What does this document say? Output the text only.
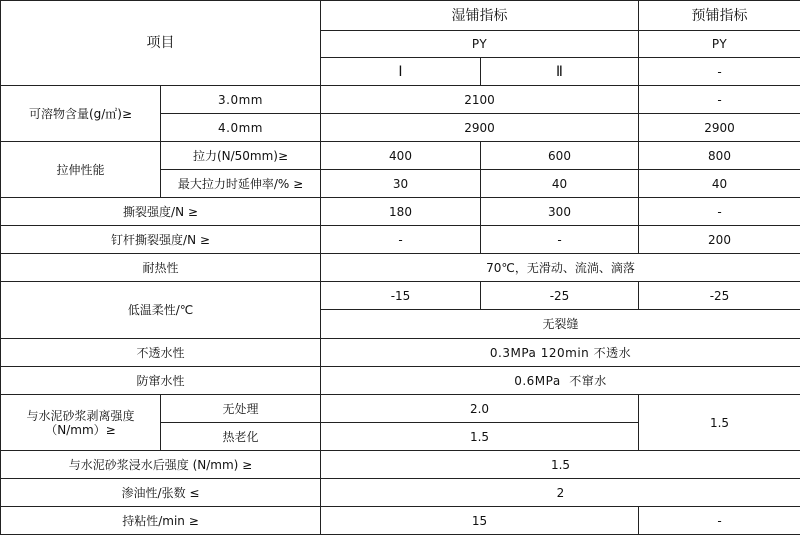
项目		湿铺指标		预铺指标
		PY		PY
		Ⅰ	Ⅱ	-
可溶物含量(g/㎡)≥	3.0mm	2100		-
	4.0mm	2900		2900
拉伸性能	拉力(N/50mm)≥	400	600	800
	最大拉力时延伸率/% ≥	30	40	40
撕裂强度/N ≥		180	300	-
钉杆撕裂强度/N ≥		-	-	200
耐热性		70℃，无滑动、流淌、滴落		
低温柔性/℃		-15	-25	-25
		无裂缝		
不透水性		0.3MPa 120min 不透水		
防窜水性		0.6MPa  不窜水		
与水泥砂浆剥离强度（N/mm）≥	无处理	2.0		1.5
	热老化	1.5		
与水泥砂浆浸水后强度 (N/mm) ≥		1.5		
渗油性/张数 ≤		2		
持粘性/min ≥		15		-
